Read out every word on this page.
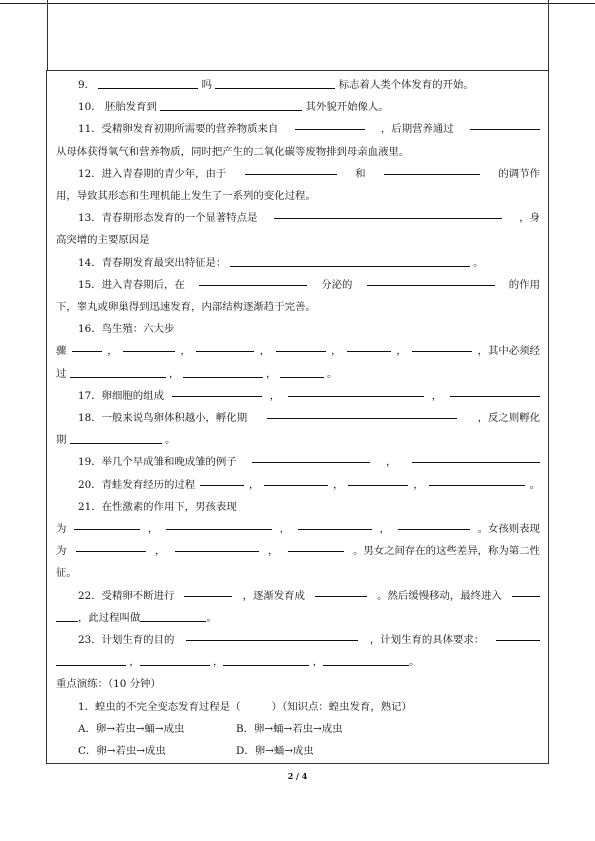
9．	吗	标志着人类个体发育的开始。

10． 胚胎发育到	其外貌开始像人。

11．受精卵发育初期所需要的营养物质来自	，后期营养通过

从母体获得氧气和营养物质，同时把产生的二氧化碳等废物排到母亲血液里。

12．进入青春期的青少年，由于	和	的调节作

用，导致其形态和生理机能上发生了一系列的变化过程。

13．青春期形态发育的一个显著特点是	，身

高突增的主要原因是

14．青春期发育最突出特征是：	。

15．进入青春期后，在	分泌的	的作用

下，睾丸或卵巢得到迅速发育，内部结构逐渐趋于完善。

16．鸟生殖：六大步

骤	，	，	，	，	，	，其中必须经

过	，	，	。

17．卵细胞的组成	，	，

18．一般来说鸟卵体积越小，孵化期	，反之则孵化

期	。

19．举几个早成雏和晚成雏的例子	，

20．青蛙发育经历的过程	，	，	，	。

21．在性激素的作用下，男孩表现

为	，	，	，	。女孩则表现

为	，	，	。男女之间存在的这些差异，称为第二性

征。

22．受精卵不断进行	，逐渐发育成	。然后缓慢移动，最终进入

，此过程叫做	。

23．计划生育的目的	，计划生育的具体要求：

，	，	，	。

重点演练：（10 分钟）

1．蝗虫的不完全变态发育过程是（　　　）（知识点：蝗虫发育，熟记）

A．卵→若虫→蛹→成虫	B．卵→蛹→若虫→成虫

C．卵→若虫→成虫	D．卵→蛹→成虫

2 / 4
